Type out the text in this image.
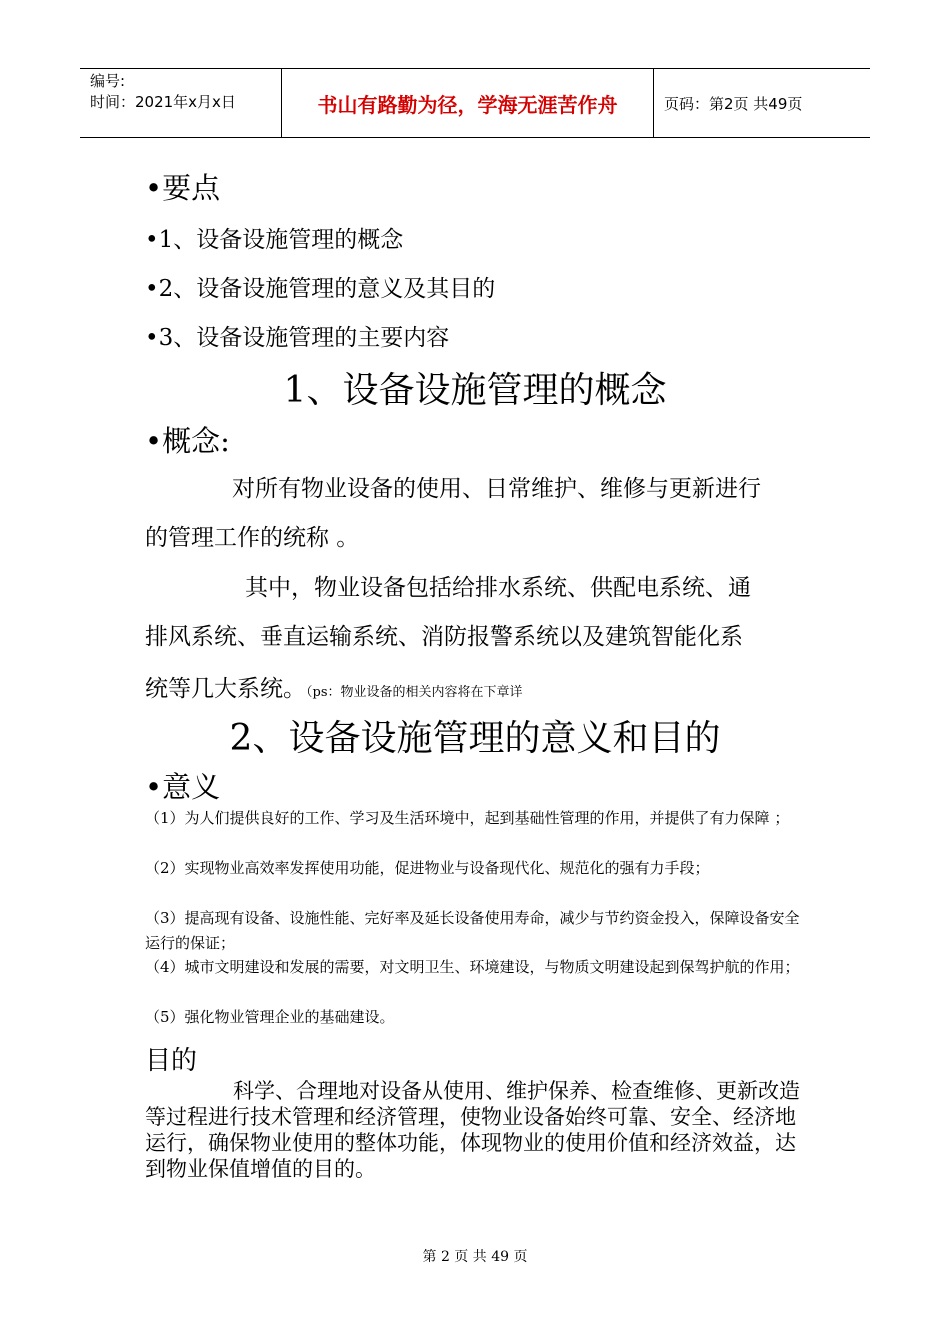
编号:
时间：2021年x月x日	书山有路勤为径，学海无涯苦作舟	页码：第2页 共49页
•要点
•1、设备设施管理的概念
•2、设备设施管理的意义及其目的
•3、设备设施管理的主要内容
1、设备设施管理的概念
•概念:
对所有物业设备的使用、日常维护、维修与更新进行
的管理工作的统称 。
其中，物业设备包括给排水系统、供配电系统、通
排风系统、垂直运输系统、消防报警系统以及建筑智能化系
统等几大系统。（ps：物业设备的相关内容将在下章详
2、设备设施管理的意义和目的
•意义
（1）为人们提供良好的工作、学习及生活环境中，起到基础性管理的作用，并提供了有力保障 ；
（2）实现物业高效率发挥使用功能，促进物业与设备现代化、规范化的强有力手段；
（3）提高现有设备、设施性能、完好率及延长设备使用寿命，减少与节约资金投入，保障设备安全运行的保证；
（4）城市文明建设和发展的需要，对文明卫生、环境建设，与物质文明建设起到保驾护航的作用；
（5）强化物业管理企业的基础建设。
目的
科学、合理地对设备从使用、维护保养、检查维修、更新改造等过程进行技术管理和经济管理，使物业设备始终可靠、安全、经济地运行，确保物业使用的整体功能，体现物业的使用价值和经济效益，达到物业保值增值的目的。
第 2 页 共 49 页
